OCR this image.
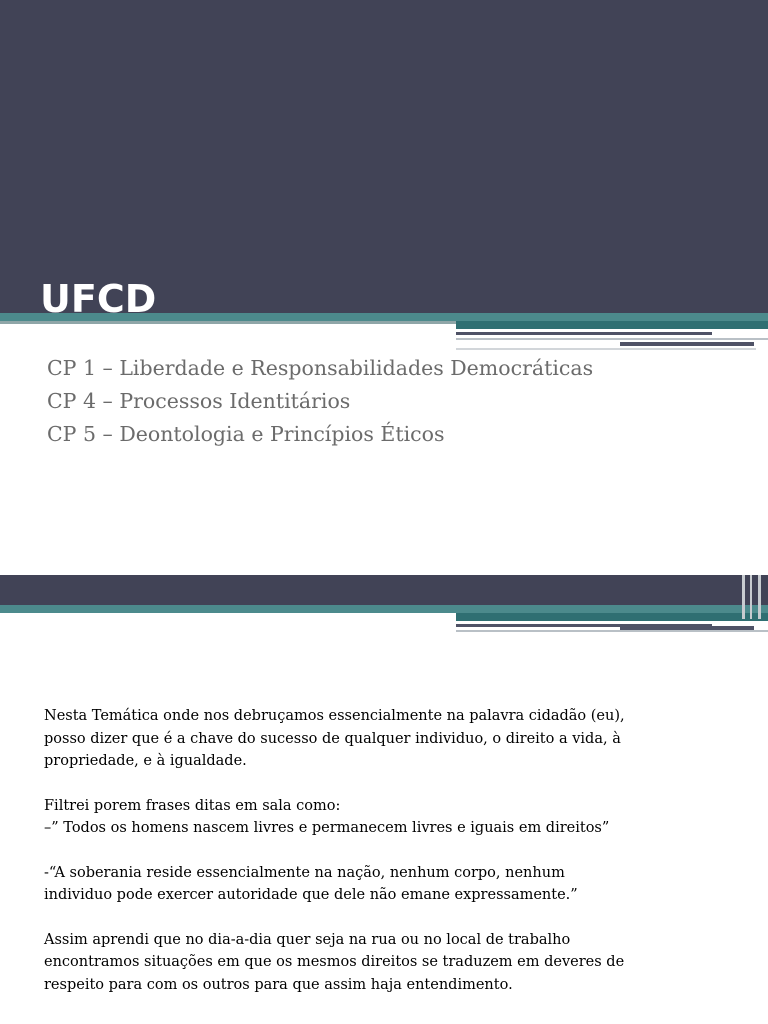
UFCD
CP 1 – Liberdade e Responsabilidades Democráticas
CP 4 – Processos Identitários
CP 5 – Deontologia e Princípios Éticos

Nesta Temática onde nos debruçamos essencialmente na palavra cidadão (eu),
posso dizer que é a chave do sucesso de qualquer individuo, o direito a vida, à
propriedade, e à igualdade.

Filtrei porem frases ditas em sala como:
–” Todos os homens nascem livres e permanecem livres e iguais em direitos”

-“A soberania reside essencialmente na nação, nenhum corpo, nenhum
individuo pode exercer autoridade que dele não emane expressamente.”

Assim aprendi que no dia-a-dia quer seja na rua ou no local de trabalho
encontramos situações em que os mesmos direitos se traduzem em deveres de
respeito para com os outros para que assim haja entendimento.
